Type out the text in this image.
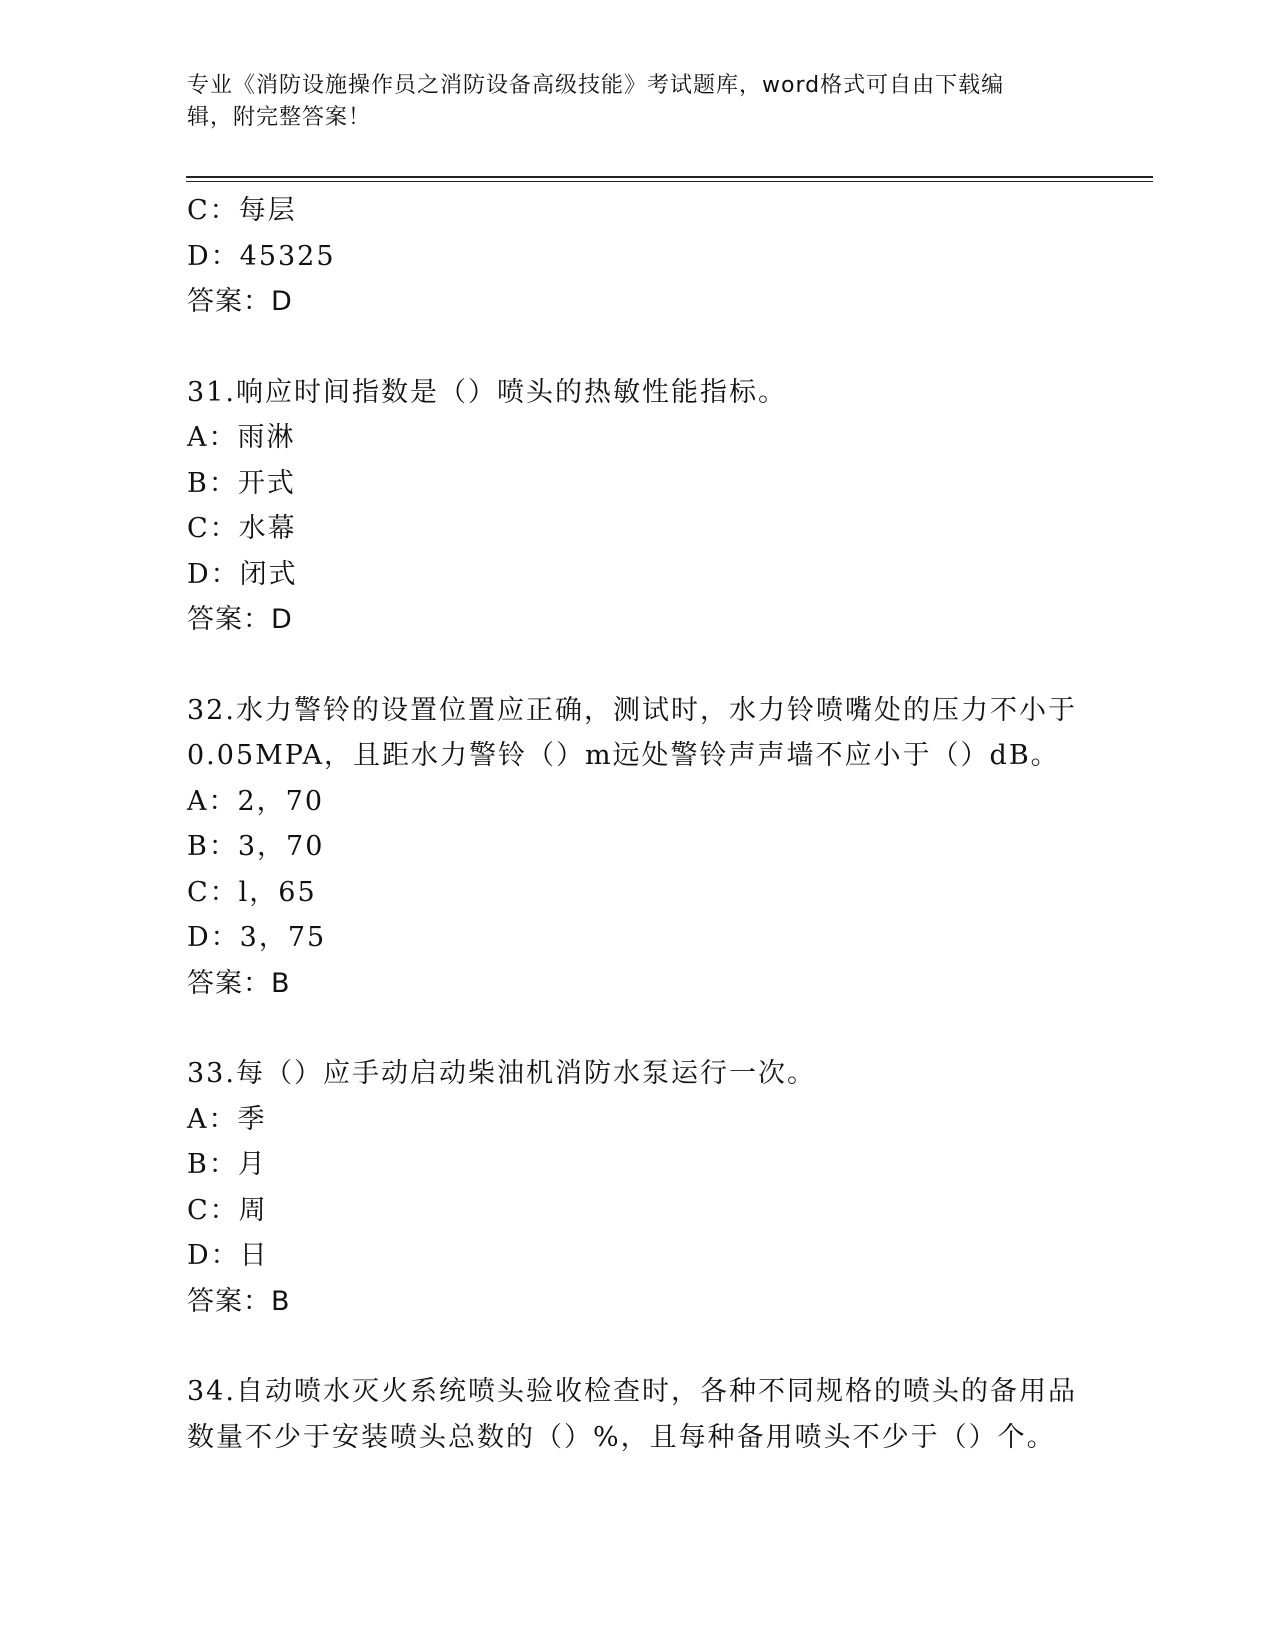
专业《消防设施操作员之消防设备高级技能》考试题库，word格式可自由下载编
辑，附完整答案！
C：每层
D：45325
答案：D
31.响应时间指数是（）喷头的热敏性能指标。
A：雨淋
B：开式
C：水幕
D：闭式
答案：D
32.水力警铃的设置位置应正确，测试时，水力铃喷嘴处的压力不小于
0.05MPA，且距水力警铃（）m远处警铃声声墙不应小于（）dB。
A：2，70
B：3，70
C：l，65
D：3，75
答案：B
33.每（）应手动启动柴油机消防水泵运行一次。
A：季
B：月
C：周
D：日
答案：B
34.自动喷水灭火系统喷头验收检查时，各种不同规格的喷头的备用品
数量不少于安装喷头总数的（）%，且每种备用喷头不少于（）个。
